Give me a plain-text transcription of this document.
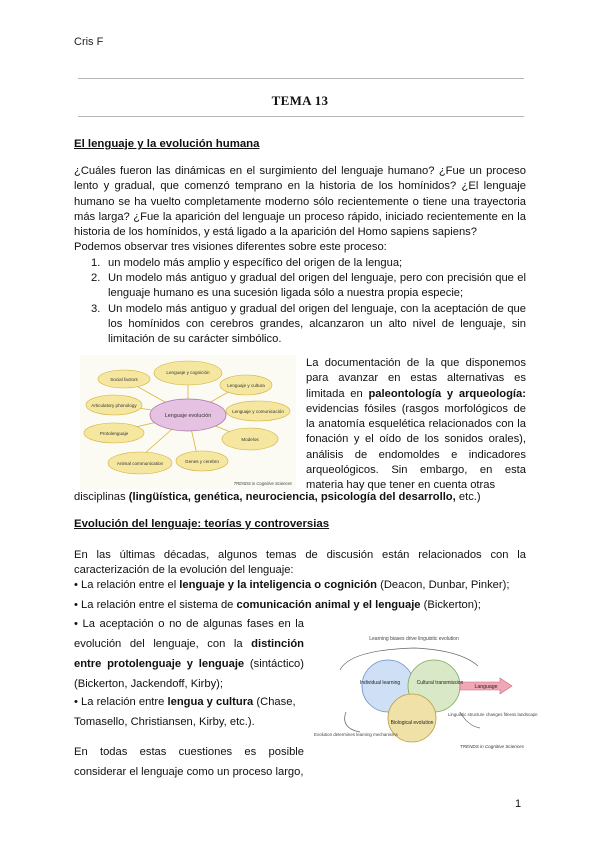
Cris F
TEMA 13
El lenguaje y la evolución humana

¿Cuáles fueron las dinámicas en el surgimiento del lenguaje humano? ¿Fue un proceso lento y gradual, que comenzó temprano en la historia de los homínidos? ¿El lenguaje humano se ha vuelto completamente moderno sólo recientemente o tiene una trayectoria más larga? ¿Fue la aparición del lenguaje un proceso rápido, iniciado recientemente en la historia de los homínidos, y está ligado a la aparición del Homo sapiens sapiens?

Podemos observar tres visiones diferentes sobre este proceso:

1. un modelo más amplio y específico del origen de la lengua;
2. Un modelo más antiguo y gradual del origen del lenguaje, pero con precisión que el lenguaje humano es una sucesión ligada sólo a nuestra propia especie;
3. Un modelo más antiguo y gradual del origen del lenguaje, con la aceptación de que los homínidos con cerebros grandes, alcanzaron un alto nivel de lenguaje, sin limitación de su carácter simbólico.
Lenguaje evolución
Lenguaje y cognición
Lenguaje y cultura
Lenguaje y comunicación
Modelos
Genes y cerebro
Animal communication
Protolenguaje
Articulatory phonology
Social factors
TRENDS in Cognitive Sciences
La documentación de la que disponemos para avanzar en estas alternativas es limitada en paleontología y arqueología: evidencias fósiles (rasgos morfológicos de la anatomía esquelética relacionados con la fonación y el oído de los sonidos orales), análisis de endomoldes e indicadores arqueológicos. Sin embargo, en esta materia hay que tener en cuenta otras
disciplinas (lingüística, genética, neurociencia, psicología del desarrollo, etc.)
Evolución del lenguaje: teorías y controversias
En las últimas décadas, algunos temas de discusión están relacionados con la caracterización de la evolución del lenguaje:
• La relación entre el lenguaje y la inteligencia o cognición (Deacon, Dunbar, Pinker);
• La relación entre el sistema de comunicación animal y el lenguaje (Bickerton);
• La aceptación o no de algunas fases en la evolución del lenguaje, con la distinción entre protolenguaje y lenguaje (sintáctico) (Bickerton, Jackendoff, Kirby);
• La relación entre lengua y cultura (Chase, Tomasello, Christiansen, Kirby, etc.).
En todas estas cuestiones es posible considerar el lenguaje como un proceso largo,
Learning biases drive linguistic evolution
Individual learning	Cultural transmission
Biological evolution
Language
Evolution determines learning mechanisms
Linguistic structure changes fitness landscape
TRENDS in Cognitive Sciences
1
